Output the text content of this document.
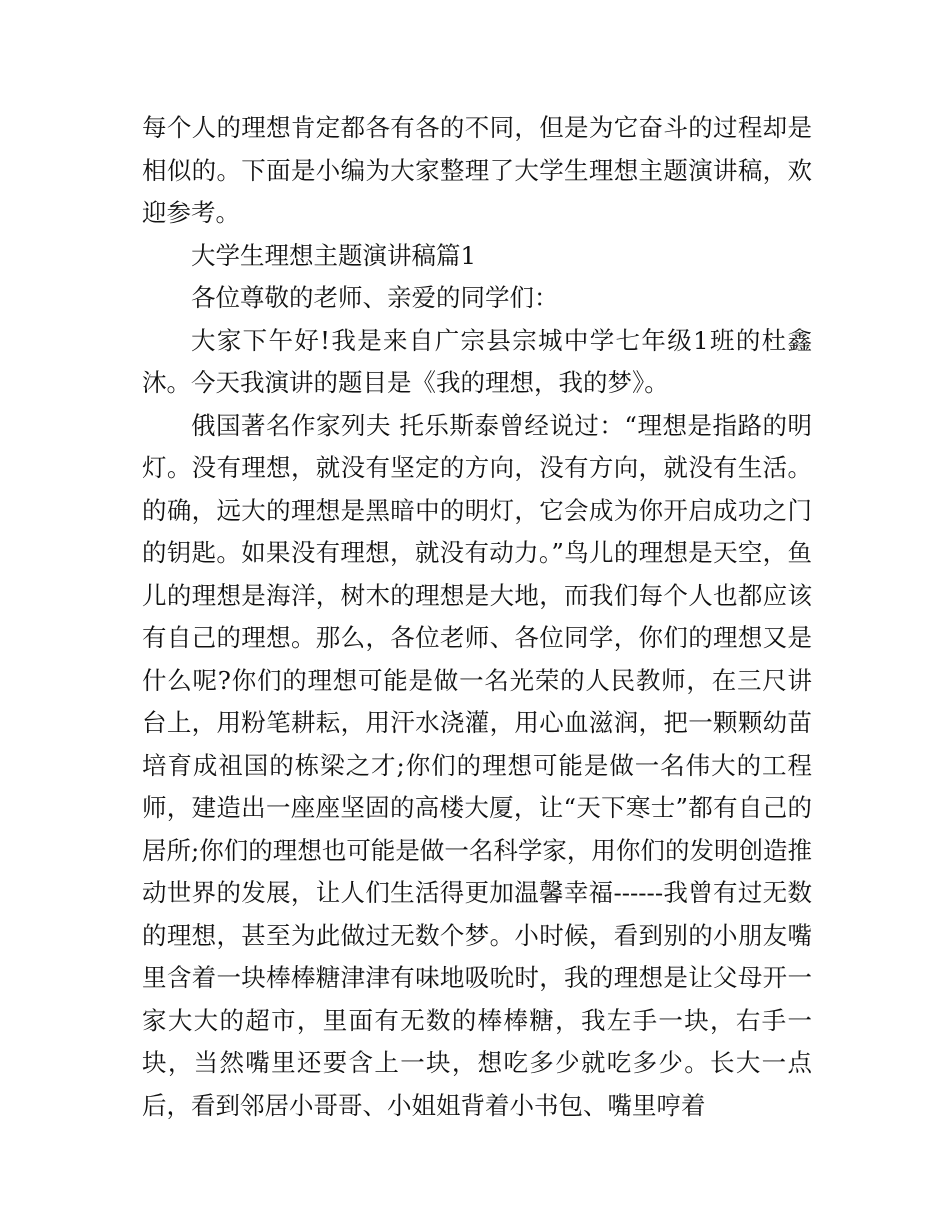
每个人的理想肯定都各有各的不同，但是为它奋斗的过程却是相似的。下面是小编为大家整理了大学生理想主题演讲稿，欢迎参考。

大学生理想主题演讲稿篇1

各位尊敬的老师、亲爱的同学们：

大家下午好!我是来自广宗县宗城中学七年级1班的杜鑫沐。今天我演讲的题目是《我的理想，我的梦》。

俄国著名作家列夫 托乐斯泰曾经说过：“理想是指路的明灯。没有理想，就没有坚定的方向，没有方向，就没有生活。的确，远大的理想是黑暗中的明灯，它会成为你开启成功之门的钥匙。如果没有理想，就没有动力。”鸟儿的理想是天空，鱼儿的理想是海洋，树木的理想是大地，而我们每个人也都应该有自己的理想。那么，各位老师、各位同学，你们的理想又是什么呢?你们的理想可能是做一名光荣的人民教师，在三尺讲台上，用粉笔耕耘，用汗水浇灌，用心血滋润，把一颗颗幼苗培育成祖国的栋梁之才;你们的理想可能是做一名伟大的工程师，建造出一座座坚固的高楼大厦，让“天下寒士”都有自己的居所;你们的理想也可能是做一名科学家，用你们的发明创造推动世界的发展，让人们生活得更加温馨幸福------我曾有过无数的理想，甚至为此做过无数个梦。小时候，看到别的小朋友嘴里含着一块棒棒糖津津有味地吸吮时，我的理想是让父母开一家大大的超市，里面有无数的棒棒糖，我左手一块，右手一块，当然嘴里还要含上一块，想吃多少就吃多少。长大一点后，看到邻居小哥哥、小姐姐背着小书包、嘴里哼着
